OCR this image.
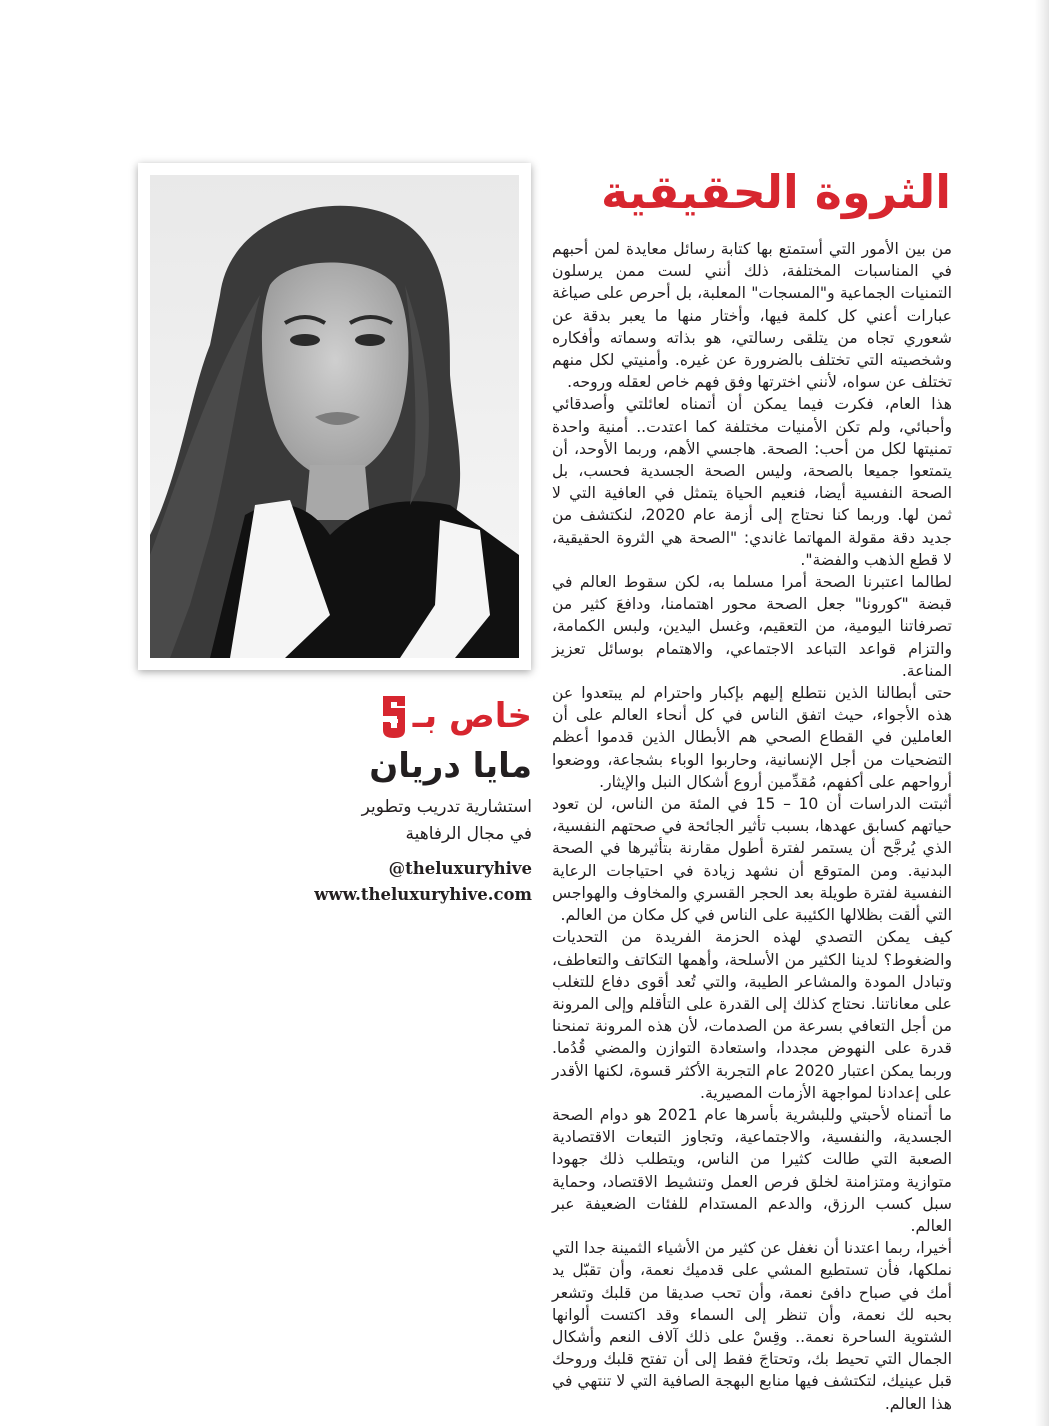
الثروة الحقيقية

من بين الأمور التي أستمتع بها كتابة رسائل معايدة لمن أحبهم في المناسبات المختلفة، ذلك أنني لست ممن يرسلون التمنيات الجماعية و"المسجات" المعلبة، بل أحرص على صياغة عبارات أعني كل كلمة فيها، وأختار منها ما يعبر بدقة عن شعوري تجاه من يتلقى رسالتي، هو بذاته وسماته وأفكاره وشخصيته التي تختلف بالضرورة عن غيره. وأمنيتي لكل منهم تختلف عن سواه، لأنني اخترتها وفق فهم خاص لعقله وروحه.

هذا العام، فكرت فيما يمكن أن أتمناه لعائلتي وأصدقائي وأحبائي، ولم تكن الأمنيات مختلفة كما اعتدت.. أمنية واحدة تمنيتها لكل من أحب: الصحة. هاجسي الأهم، وربما الأوحد، أن يتمتعوا جميعا بالصحة، وليس الصحة الجسدية فحسب، بل الصحة النفسية أيضا، فنعيم الحياة يتمثل في العافية التي لا ثمن لها. وربما كنا نحتاج إلى أزمة عام 2020، لنكتشف من جديد دقة مقولة المهاتما غاندي: "الصحة هي الثروة الحقيقية، لا قطع الذهب والفضة".

لطالما اعتبرنا الصحة أمرا مسلما به، لكن سقوط العالم في قبضة "كورونا" جعل الصحة محور اهتمامنا، ودافعَ كثير من تصرفاتنا اليومية، من التعقيم، وغسل اليدين، ولبس الكمامة، والتزام قواعد التباعد الاجتماعي، والاهتمام بوسائل تعزيز المناعة.

حتى أبطالنا الذين نتطلع إليهم بإكبار واحترام لم يبتعدوا عن هذه الأجواء، حيث اتفق الناس في كل أنحاء العالم على أن العاملين في القطاع الصحي هم الأبطال الذين قدموا أعظم التضحيات من أجل الإنسانية، وحاربوا الوباء بشجاعة، ووضعوا أرواحهم على أكفهم، مُقدِّمين أروع أشكال النبل والإيثار.

أثبتت الدراسات أن 10 – 15 في المئة من الناس، لن تعود حياتهم كسابق عهدها، بسبب تأثير الجائحة في صحتهم النفسية، الذي يُرجَّح أن يستمر لفترة أطول مقارنة بتأثيرها في الصحة البدنية. ومن المتوقع أن نشهد زيادة في احتياجات الرعاية النفسية لفترة طويلة بعد الحجر القسري والمخاوف والهواجس التي ألقت بظلالها الكئيبة على الناس في كل مكان من العالم.

كيف يمكن التصدي لهذه الحزمة الفريدة من التحديات والضغوط؟ لدينا الكثير من الأسلحة، وأهمها التكاتف والتعاطف، وتبادل المودة والمشاعر الطيبة، والتي تُعد أقوى دفاع للتغلب على معاناتنا. نحتاج كذلك إلى القدرة على التأقلم وإلى المرونة من أجل التعافي بسرعة من الصدمات، لأن هذه المرونة تمنحنا قدرة على النهوض مجددا، واستعادة التوازن والمضي قُدُما. وربما يمكن اعتبار 2020 عام التجربة الأكثر قسوة، لكنها الأقدر على إعدادنا لمواجهة الأزمات المصيرية.

ما أتمناه لأحبتي وللبشرية بأسرها عام 2021 هو دوام الصحة الجسدية، والنفسية، والاجتماعية، وتجاوز التبعات الاقتصادية الصعبة التي طالت كثيرا من الناس، ويتطلب ذلك جهودا متوازية ومتزامنة لخلق فرص العمل وتنشيط الاقتصاد، وحماية سبل كسب الرزق، والدعم المستدام للفئات الضعيفة عبر العالم.

أخيرا، ربما اعتدنا أن نغفل عن كثير من الأشياء الثمينة جدا التي نملكها، فأن تستطيع المشي على قدميك نعمة، وأن تقبّل يد أمك في صباح دافئ نعمة، وأن تحب صديقا من قلبك وتشعر بحبه لك نعمة، وأن تنظر إلى السماء وقد اكتست ألوانها الشتوية الساحرة نعمة.. وقِسْ على ذلك آلاف النعم وأشكال الجمال التي تحيط بك، وتحتاجَ فقط إلى أن تفتح قلبك وروحك قبل عينيك، لتكتشف فيها منابع البهجة الصافية التي لا تنتهي في هذا العالم.

خاص بـ
مايا دريان
استشارية تدريب وتطوير
في مجال الرفاهية
@theluxuryhive
www.theluxuryhive.com
